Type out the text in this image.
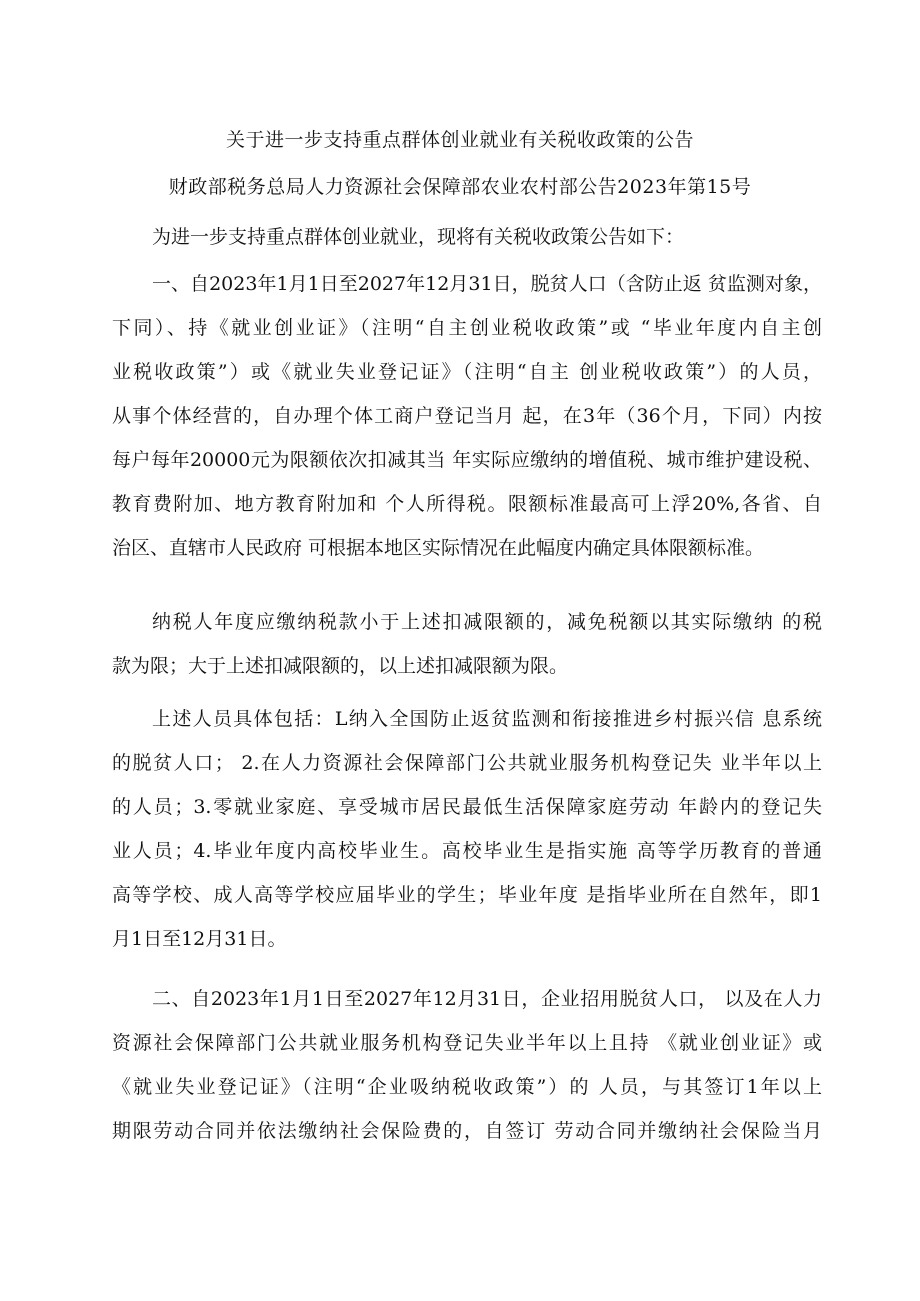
关于进一步支持重点群体创业就业有关税收政策的公告
财政部税务总局人力资源社会保障部农业农村部公告2023年第15号
为进一步支持重点群体创业就业，现将有关税收政策公告如下：
一、自2023年1月1日至2027年12月31日，脱贫人口（含防止返 贫监测对象，
下同）、持《就业创业证》（注明“自主创业税收政策”或 “毕业年度内自主创
业税收政策”）或《就业失业登记证》（注明“自主 创业税收政策”）的人员，
从事个体经营的，自办理个体工商户登记当月 起，在3年（36个月，下同）内按
每户每年20000元为限额依次扣减其当 年实际应缴纳的增值税、城市维护建设税、
教育费附加、地方教育附加和 个人所得税。限额标准最高可上浮20%,各省、自
治区、直辖市人民政府 可根据本地区实际情况在此幅度内确定具体限额标准。
纳税人年度应缴纳税款小于上述扣减限额的，减免税额以其实际缴纳 的税
款为限；大于上述扣减限额的，以上述扣减限额为限。
上述人员具体包括：L纳入全国防止返贫监测和衔接推进乡村振兴信 息系统
的脱贫人口； 2.在人力资源社会保障部门公共就业服务机构登记失 业半年以上
的人员；3.零就业家庭、享受城市居民最低生活保障家庭劳动 年龄内的登记失
业人员；4.毕业年度内高校毕业生。高校毕业生是指实施 高等学历教育的普通
高等学校、成人高等学校应届毕业的学生；毕业年度 是指毕业所在自然年，即1
月1日至12月31日。
二、自2023年1月1日至2027年12月31日，企业招用脱贫人口， 以及在人力
资源社会保障部门公共就业服务机构登记失业半年以上且持 《就业创业证》或
《就业失业登记证》（注明“企业吸纳税收政策”）的 人员，与其签订1年以上
期限劳动合同并依法缴纳社会保险费的，自签订 劳动合同并缴纳社会保险当月
